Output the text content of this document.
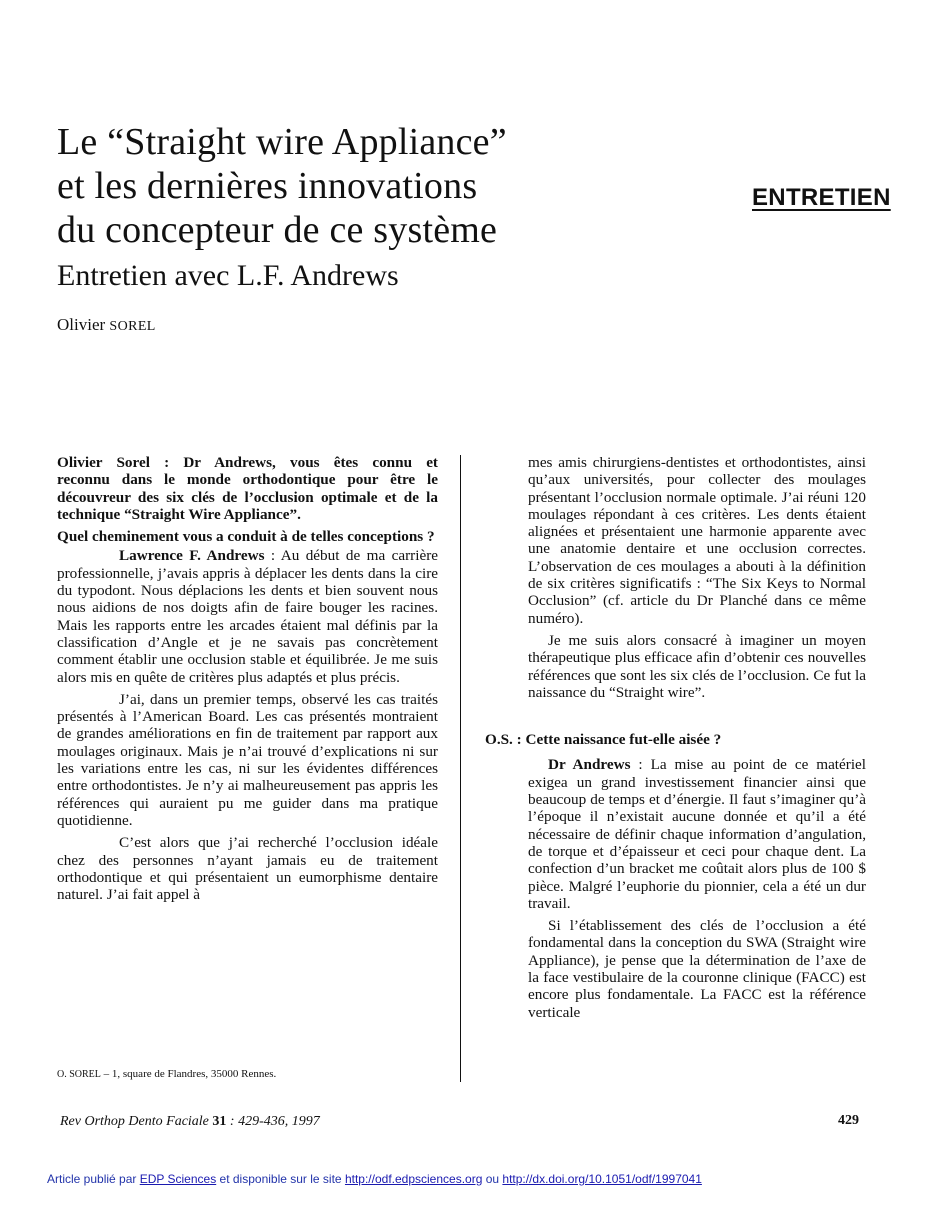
ENTRETIEN
Le “Straight wire Appliance”
et les dernières innovations
du concepteur de ce système
Entretien avec L.F. Andrews
Olivier SOREL

Olivier Sorel : Dr Andrews, vous êtes connu et

reconnu dans le monde orthodontique pour être le découvreur des six clés de l’occlusion optimale et de la technique “Straight Wire Appliance”.

Quel cheminement vous a conduit à de telles conceptions ?

Lawrence F. Andrews : Au début de ma carrière professionnelle, j’avais appris à déplacer les dents dans la cire du typodont. Nous déplacions les dents et bien souvent nous nous aidions de nos doigts afin de faire bouger les racines. Mais les rapports entre les arcades étaient mal définis par la classification d’Angle et je ne savais pas concrètement comment établir une occlusion stable et équilibrée. Je me suis alors mis en quête de critères plus adaptés et plus précis.

J’ai, dans un premier temps, observé les cas traités présentés à l’American Board. Les cas présentés montraient de grandes améliorations en fin de traitement par rapport aux moulages originaux. Mais je n’ai trouvé d’explications ni sur les variations entre les cas, ni sur les évidentes différences entre orthodontistes. Je n’y ai malheureusement pas appris les références qui auraient pu me guider dans ma pratique quotidienne.

C’est alors que j’ai recherché l’occlusion idéale chez des personnes n’ayant jamais eu de traitement orthodontique et qui présentaient un eumorphisme dentaire naturel. J’ai fait appel à

mes amis chirurgiens-dentistes et orthodontistes, ainsi qu’aux universités, pour collecter des moulages présentant l’occlusion normale optimale. J’ai réuni 120 moulages répondant à ces critères. Les dents étaient alignées et présentaient une harmonie apparente avec une anatomie dentaire et une occlusion correctes. L’observation de ces moulages a abouti à la définition de six critères significatifs : “The Six Keys to Normal Occlusion” (cf. article du Dr Planché dans ce même numéro).

Je me suis alors consacré à imaginer un moyen thérapeutique plus efficace afin d’obtenir ces nouvelles références que sont les six clés de l’occlusion. Ce fut la naissance du “Straight wire”.

O.S. : Cette naissance fut-elle aisée ?

Dr Andrews : La mise au point de ce matériel exigea un grand investissement financier ainsi que beaucoup de temps et d’énergie. Il faut s’imaginer qu’à l’époque il n’existait aucune donnée et qu’il a été nécessaire de définir chaque information d’angulation, de torque et d’épaisseur et ceci pour chaque dent. La confection d’un bracket me coûtait alors plus de 100 $ pièce. Malgré l’euphorie du pionnier, cela a été un dur travail.

Si l’établissement des clés de l’occlusion a été fondamental dans la conception du SWA (Straight wire Appliance), je pense que la détermination de l’axe de la face vestibulaire de la couronne clinique (FACC) est encore plus fondamentale. La FACC est la référence verticale

O. SOREL – 1, square de Flandres, 35000 Rennes.
Rev Orthop Dento Faciale 31 : 429-436, 1997	429
Article publié par EDP Sciences et disponible sur le site http://odf.edpsciences.org ou http://dx.doi.org/10.1051/odf/1997041
